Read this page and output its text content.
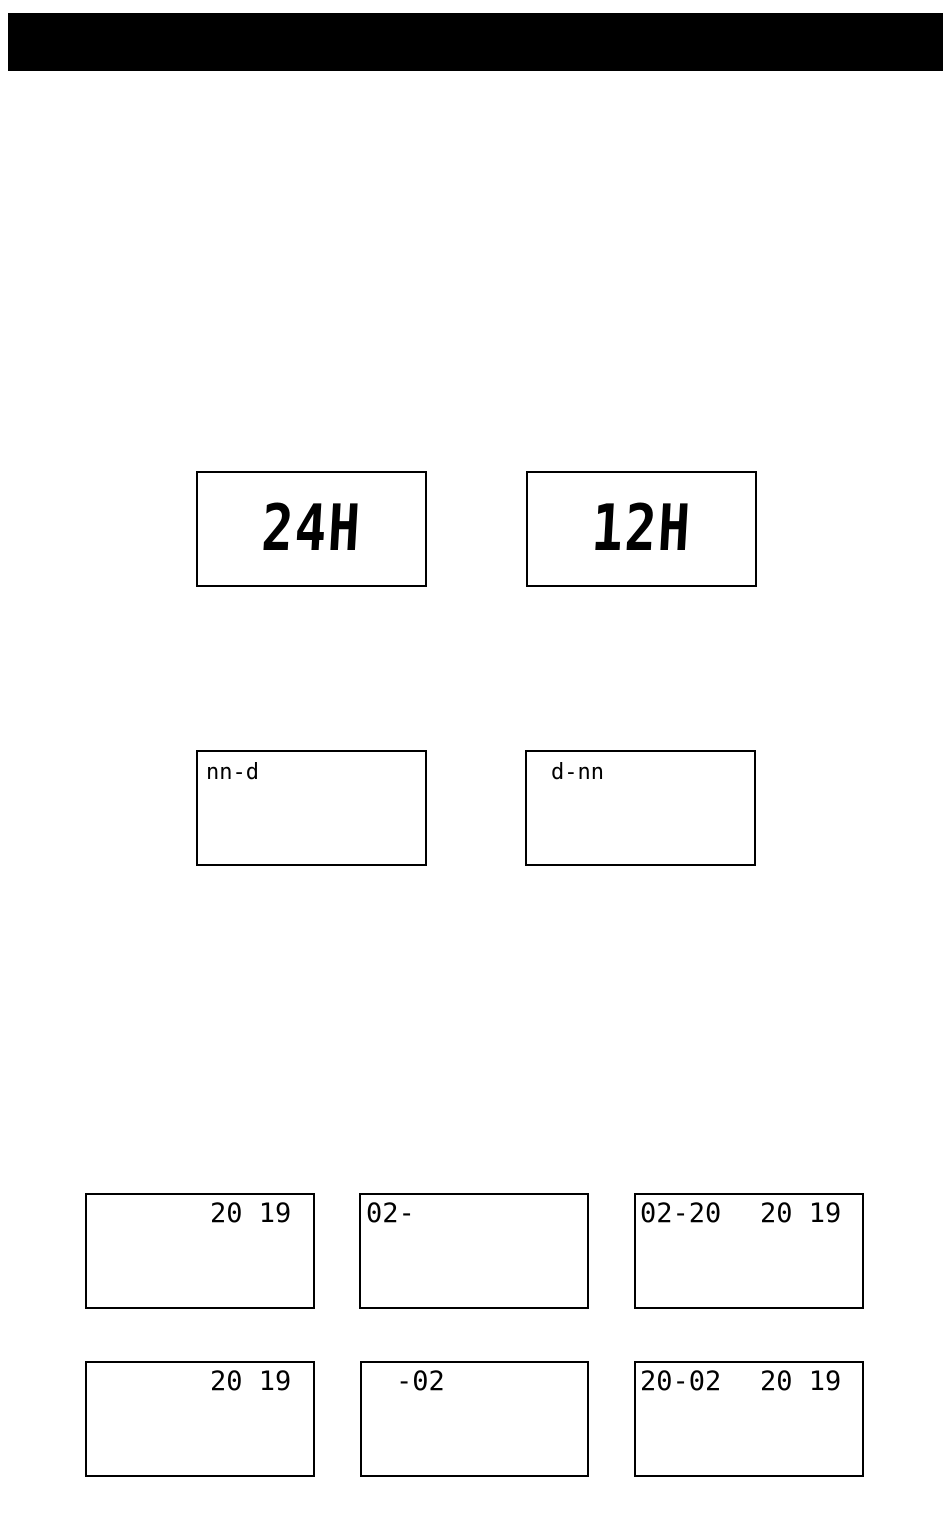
24H	12H
nn-d	d-nn
20 19	02-	02-20 20 19
20 19	-02	20-02 20 19
